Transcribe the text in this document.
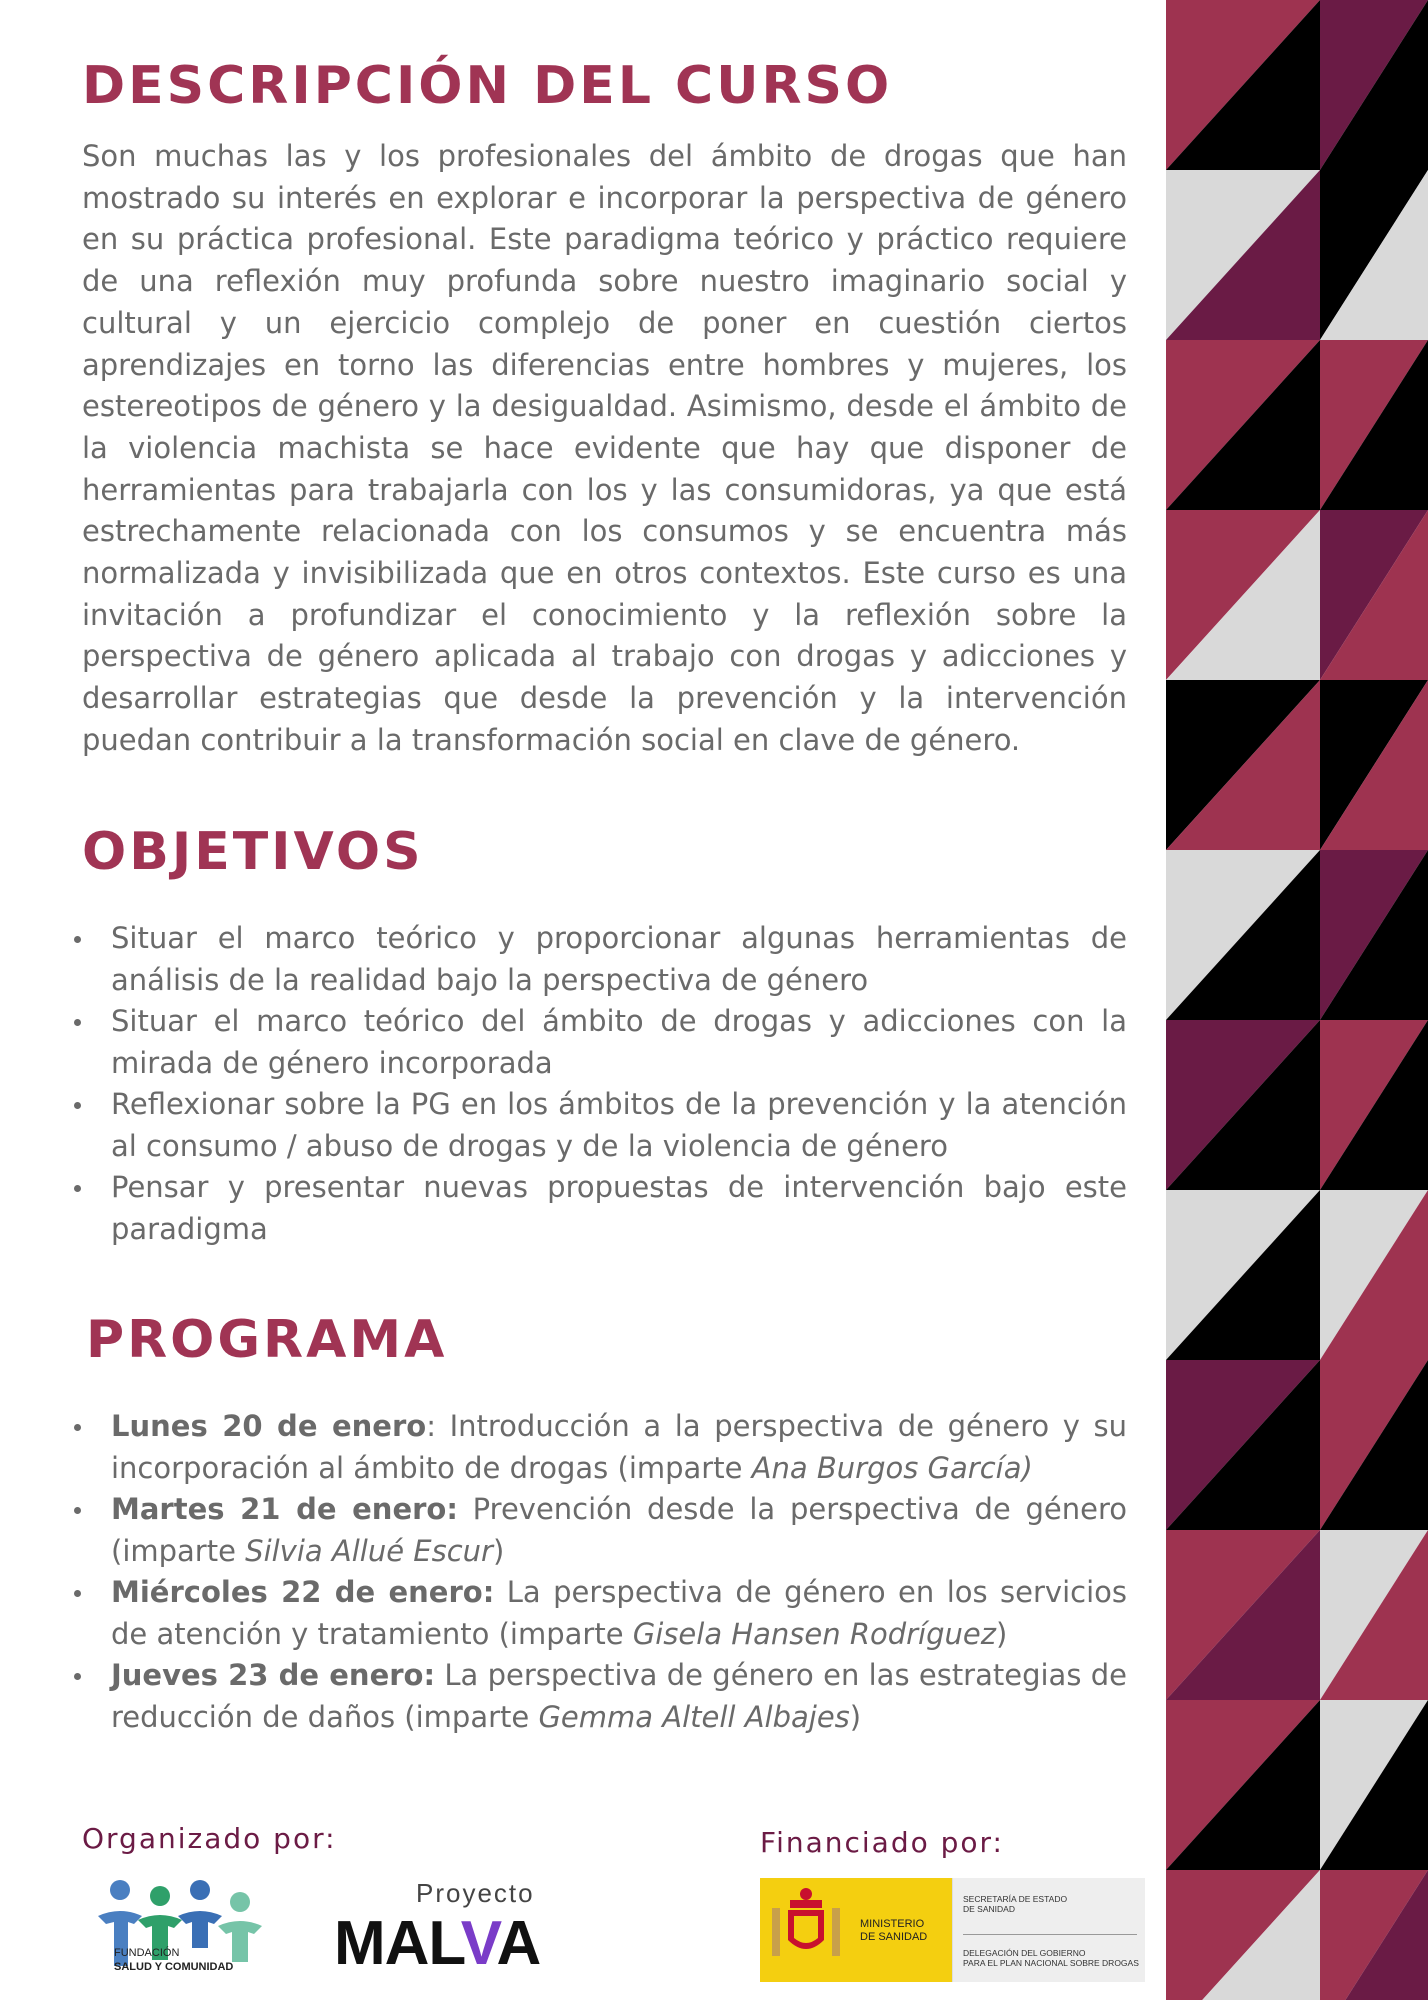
DESCRIPCIÓN DEL CURSO

Son muchas las y los profesionales del ámbito de drogas que han mostrado su interés en explorar e incorporar la perspectiva de género en su práctica profesional. Este paradigma teórico y práctico requiere de una reflexión muy profunda sobre nuestro imaginario social y cultural y un ejercicio complejo de poner en cuestión ciertos aprendizajes en torno las diferencias entre hombres y mujeres, los estereotipos de género y la desigualdad. Asimismo, desde el ámbito de la violencia machista se hace evidente que hay que disponer de herramientas para trabajarla con los y las consumidoras, ya que está estrechamente relacionada con los consumos y se encuentra más normalizada y invisibilizada que en otros contextos. Este curso es una invitación a profundizar el conocimiento y la reflexión sobre la perspectiva de género aplicada al trabajo con drogas y adicciones y desarrollar estrategias que desde la prevención y la intervención puedan contribuir a la transformación social en clave de género.

OBJETIVOS
Situar el marco teórico y proporcionar algunas herramientas de análisis de la realidad bajo la perspectiva de género
Situar el marco teórico del ámbito de drogas y adicciones con la mirada de género incorporada
Reflexionar sobre la PG en los ámbitos de la prevención y la atención al consumo / abuso de drogas y de la violencia de género
Pensar y presentar nuevas propuestas de intervención bajo este paradigma
PROGRAMA
Lunes 20 de enero: Introducción a la perspectiva de género y su incorporación al ámbito de drogas (imparte Ana Burgos García)
Martes 21 de enero: Prevención desde la perspectiva de género (imparte Silvia Allué Escur)
Miércoles 22 de enero: La perspectiva de género en los servicios de atención y tratamiento (imparte Gisela Hansen Rodríguez)
Jueves 23 de enero: La perspectiva de género en las estrategias de reducción de daños (imparte Gemma Altell Albajes)
Organizado por:	Financiado por:
FUNDACIÓN
SALUD Y COMUNIDAD
Proyecto
MALVA	MINISTERIO
DE SANIDAD
SECRETARÍA DE ESTADO
DE SANIDAD
DELEGACIÓN DEL GOBIERNO
PARA EL PLAN NACIONAL SOBRE DROGAS
